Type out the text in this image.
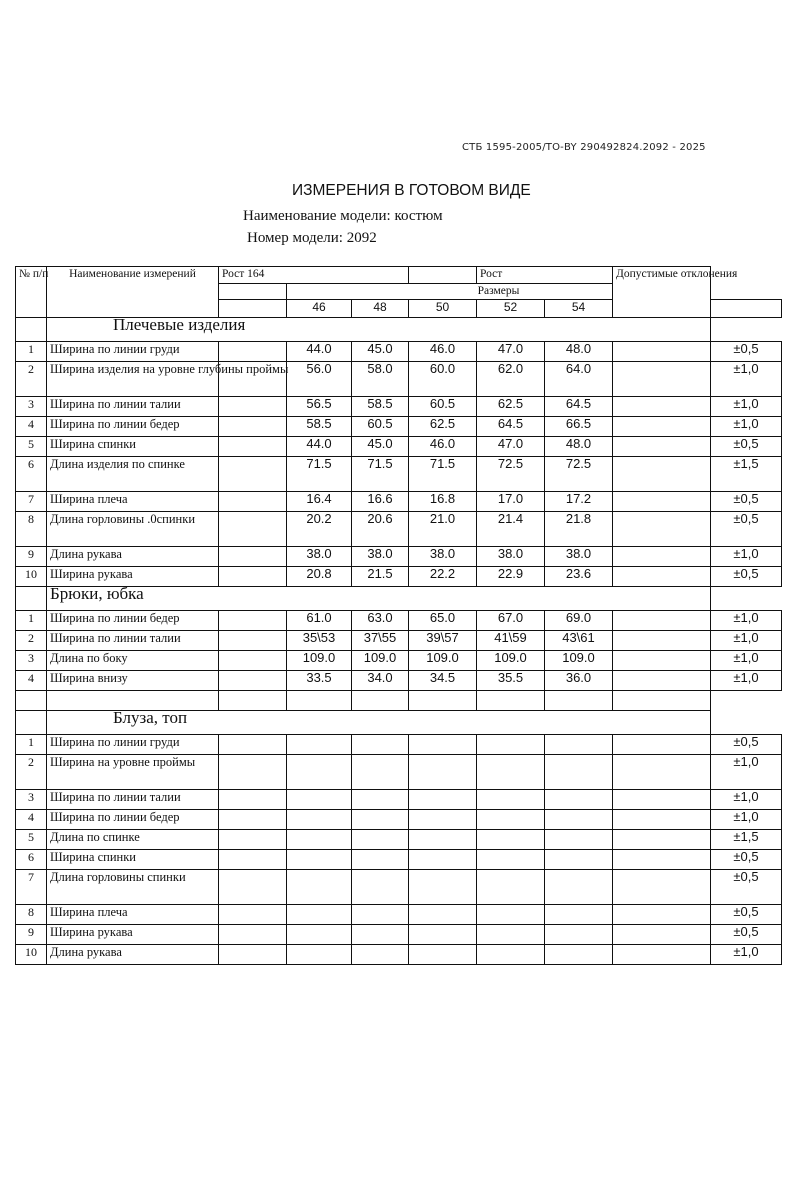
СТБ 1595-2005/ТО-BY 290492824.2092 - 2025
ИЗМЕРЕНИЯ В ГОТОВОМ ВИДЕ
Наименование модели: костюм
Номер модели: 2092
№ п/п	Наименование измерений	Рост 164				Рост		Допустимые отклонения	
			Размеры						
			46	48	50	52	54		
	Плечевые изделия								
1	Ширина по линии груди		44.0	45.0	46.0	47.0	48.0		±0,5
2	Ширина изделия на уровне глубины проймы		56.0	58.0	60.0	62.0	64.0		±1,0
3	Ширина по линии талии		56.5	58.5	60.5	62.5	64.5		±1,0
4	Ширина по линии бедер		58.5	60.5	62.5	64.5	66.5		±1,0
5	Ширина спинки		44.0	45.0	46.0	47.0	48.0		±0,5
6	Длина изделия по спинке		71.5	71.5	71.5	72.5	72.5		±1,5
7	Ширина плеча		16.4	16.6	16.8	17.0	17.2		±0,5
8	Длина горловины .0спинки		20.2	20.6	21.0	21.4	21.8		±0,5
9	Длина рукава		38.0	38.0	38.0	38.0	38.0		±1,0
10	Ширина рукава		20.8	21.5	22.2	22.9	23.6		±0,5
	Брюки, юбка								
1	Ширина по линии бедер		61.0	63.0	65.0	67.0	69.0		±1,0
2	Ширина по линии талии		35\53	37\55	39\57	41\59	43\61		±1,0
3	Длина по боку		109.0	109.0	109.0	109.0	109.0		±1,0
4	Ширина внизу		33.5	34.0	34.5	35.5	36.0		±1,0

	Блуза, топ								
1	Ширина по линии груди								±0,5
2	Ширина на уровне проймы								±1,0
3	Ширина по линии талии								±1,0
4	Ширина по линии бедер								±1,0
5	Длина по спинке								±1,5
6	Ширина спинки								±0,5
7	Длина горловины спинки								±0,5
8	Ширина плеча								±0,5
9	Ширина рукава								±0,5
10	Длина рукава								±1,0
